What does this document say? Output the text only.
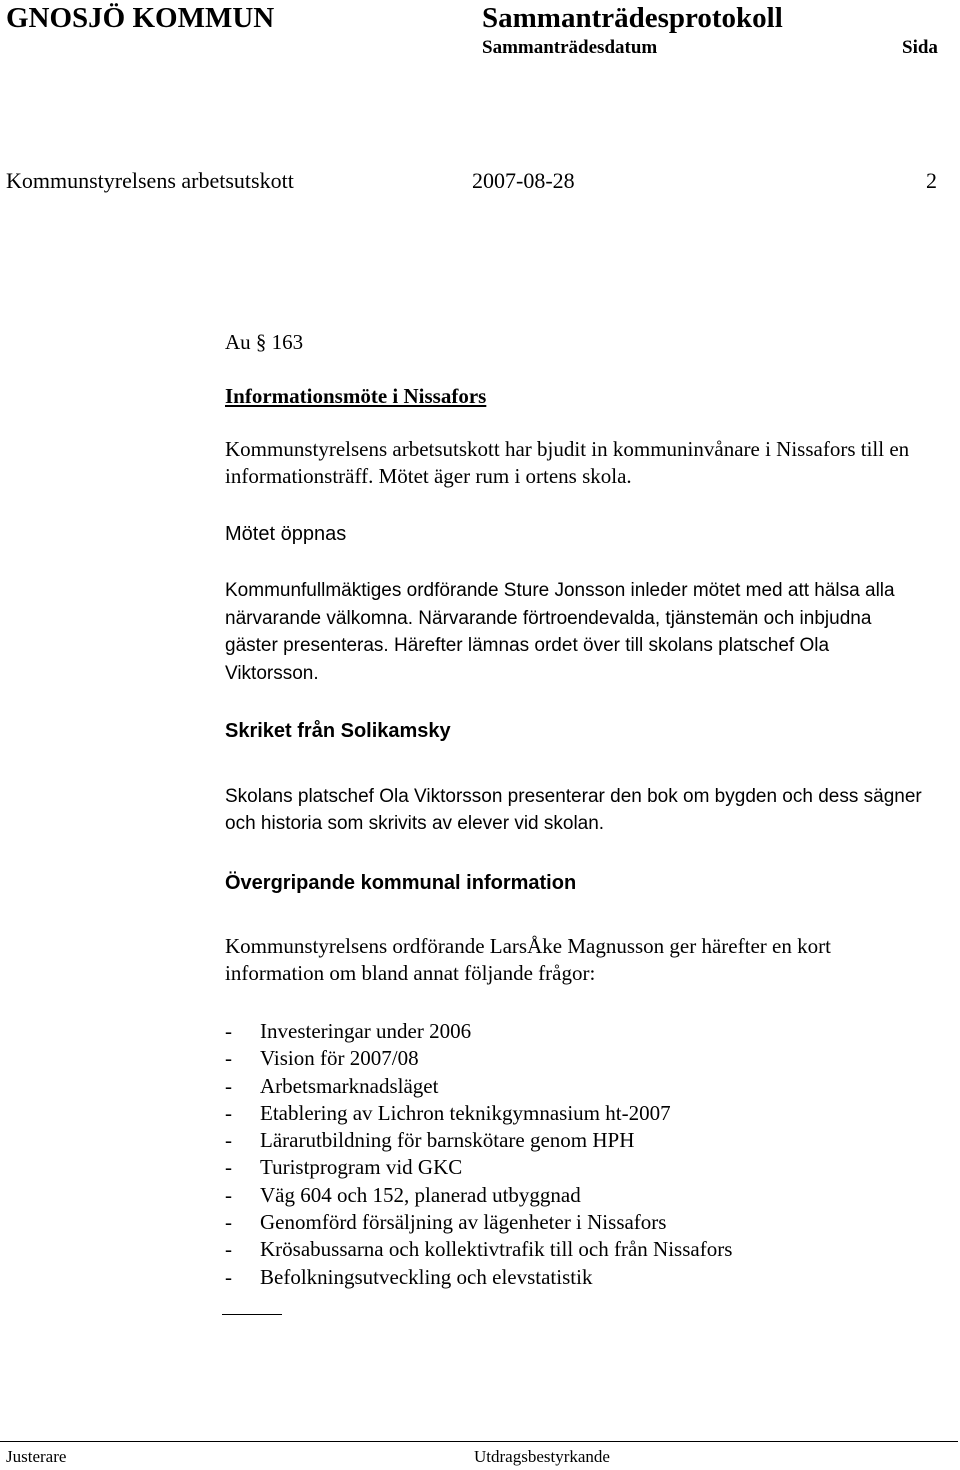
GNOSJÖ KOMMUN	Sammanträdesprotokoll
Sammanträdesdatum	Sida
Kommunstyrelsens arbetsutskott	2007-08-28	2
Au § 163
Informationsmöte i Nissafors
Kommunstyrelsens arbetsutskott har bjudit in kommuninvånare i Nissafors till en informationsträff. Mötet äger rum i ortens skola.
Mötet öppnas
Kommunfullmäktiges ordförande Sture Jonsson inleder mötet med att hälsa alla närvarande välkomna. Närvarande förtroendevalda, tjänstemän och inbjudna gäster presenteras. Härefter lämnas ordet över till skolans platschef Ola Viktorsson.
Skriket från Solikamsky
Skolans platschef Ola Viktorsson presenterar den bok om bygden och dess sägner och historia som skrivits av elever vid skolan.
Övergripande kommunal information
Kommunstyrelsens ordförande LarsÅke Magnusson ger härefter en kort information om bland annat följande frågor:
- Investeringar under 2006
- Vision för 2007/08
- Arbetsmarknadsläget
- Etablering av Lichron teknikgymnasium ht-2007
- Lärarutbildning för barnskötare genom HPH
- Turistprogram vid GKC
- Väg 604 och 152, planerad utbyggnad
- Genomförd försäljning av lägenheter i Nissafors
- Krösabussarna och kollektivtrafik till och från Nissafors
- Befolkningsutveckling och elevstatistik
Justerare	Utdragsbestyrkande
